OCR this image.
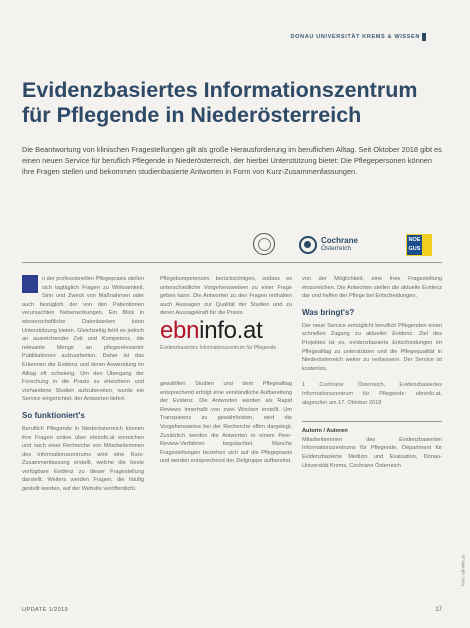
DONAU UNIVERSITÄT KREMS & WISSEN
Evidenzbasiertes Informationszentrum für Pflegende in Niederösterreich

Die Beantwortung von klinischen Fragestellungen gilt als große Herausforderung im beruflichen Alltag. Seit Oktober 2018 gibt es einen neuen Service für beruflich Pflegende in Niederösterreich, der hierbei Unterstützung bietet: Die Pflegepersonen können ihre Fragen stellen und bekommen studienbasierte Antworten in Form von Kurz-Zusammenfassungen.

Cochrane
Österreich
NOE GUS
n der professionellen Pflegepraxis stellen sich tagtäglich Fragen zu Wirksamkeit, Sinn und Zweck von Maßnahmen oder auch bezüglich der von den Patientinnen verursachten Nebenwirkungen. Ein Blick in wissenschaftliche Datenbanken kann Unterstützung bieten. Gleichzeitig fehlt es jedoch an ausreichender Zeit und Kompetenz, die relevante Menge an pflegerelevanter Publikationen aufzuarbeiten. Daher ist das Erkennen der Evidenz und deren Anwendung im Alltag oft schwierig. Um den Übergang der Forschung in die Praxis zu erleichtern und vorhandene Studien aufzubereiten, wurde ein Service eingerichtet, der Antworten liefert.
So funktioniert's
Beruflich Pflegende in Niederösterreich können ihre Fragen online über ebninfo.at einreichen und nach einer Recherche von Mitarbeiterinnen des Informationszentrums wird eine Kurz-Zusammenfassung erstellt, welche die beste verfügbare Evidenz zu dieser Fragestellung darstellt. Weiters werden Fragen, die häufig gestellt werden, auf der Website veröffentlicht.
Pflegekompetenzen berücksichtigen, sodass es unterschiedliche Vorgehensweisen zu einer Frage geben kann. Die Antworten zu den Fragen enthalten auch Aussagen zur Qualität der Studien und zu deren Aussagekraft für die Praxis.
ebninfo.at
Evidenzbasiertes Informationszentrum für Pflegende
gewählten Studien und dem Pflegealltag entsprechend erfolgt eine verständliche Aufbereitung der Evidenz. Die Antworten werden als Rapid Reviews innerhalb von zwei Wochen erstellt. Um Transparenz zu gewährleisten, wird die Vorgehensweise bei der Recherche offen dargelegt. Zusätzlich werden die Antworten in einem Peer-Review-Verfahren begutachtet. Manche Fragestellungen beziehen sich auf die Pflegepraxis und werden entsprechend der Zielgruppe aufbereitet.
von der Möglichkeit, eine freie Fragestellung einzureichen. Die Antworten stellen die aktuelle Evidenz dar und helfen der Pflege bei Entscheidungen.
Was bringt's?
Der neue Service ermöglicht beruflich Pflegenden einen schnellen Zugang zu aktueller Evidenz. Ziel des Projektes ist es, evidenzbasierte Entscheidungen im Pflegealltag zu unterstützen und die Pflegequalität in Niederösterreich weiter zu verbessern. Der Service ist kostenlos.
1 Cochrane Österreich, Evidenzbasiertes Informationszentrum für Pflegende: ebninfo.at, abgerufen am 17. Oktober 2018
Autorin / Autoren
Mitarbeiterinnen des Evidenzbasierten Informationszentrums für Pflegende, Department für Evidenzbasierte Medizin und Evaluation, Donau-Universität Krems, Cochrane Österreich
UPDATE 1/2019	17
Foto: ebninfo.at
